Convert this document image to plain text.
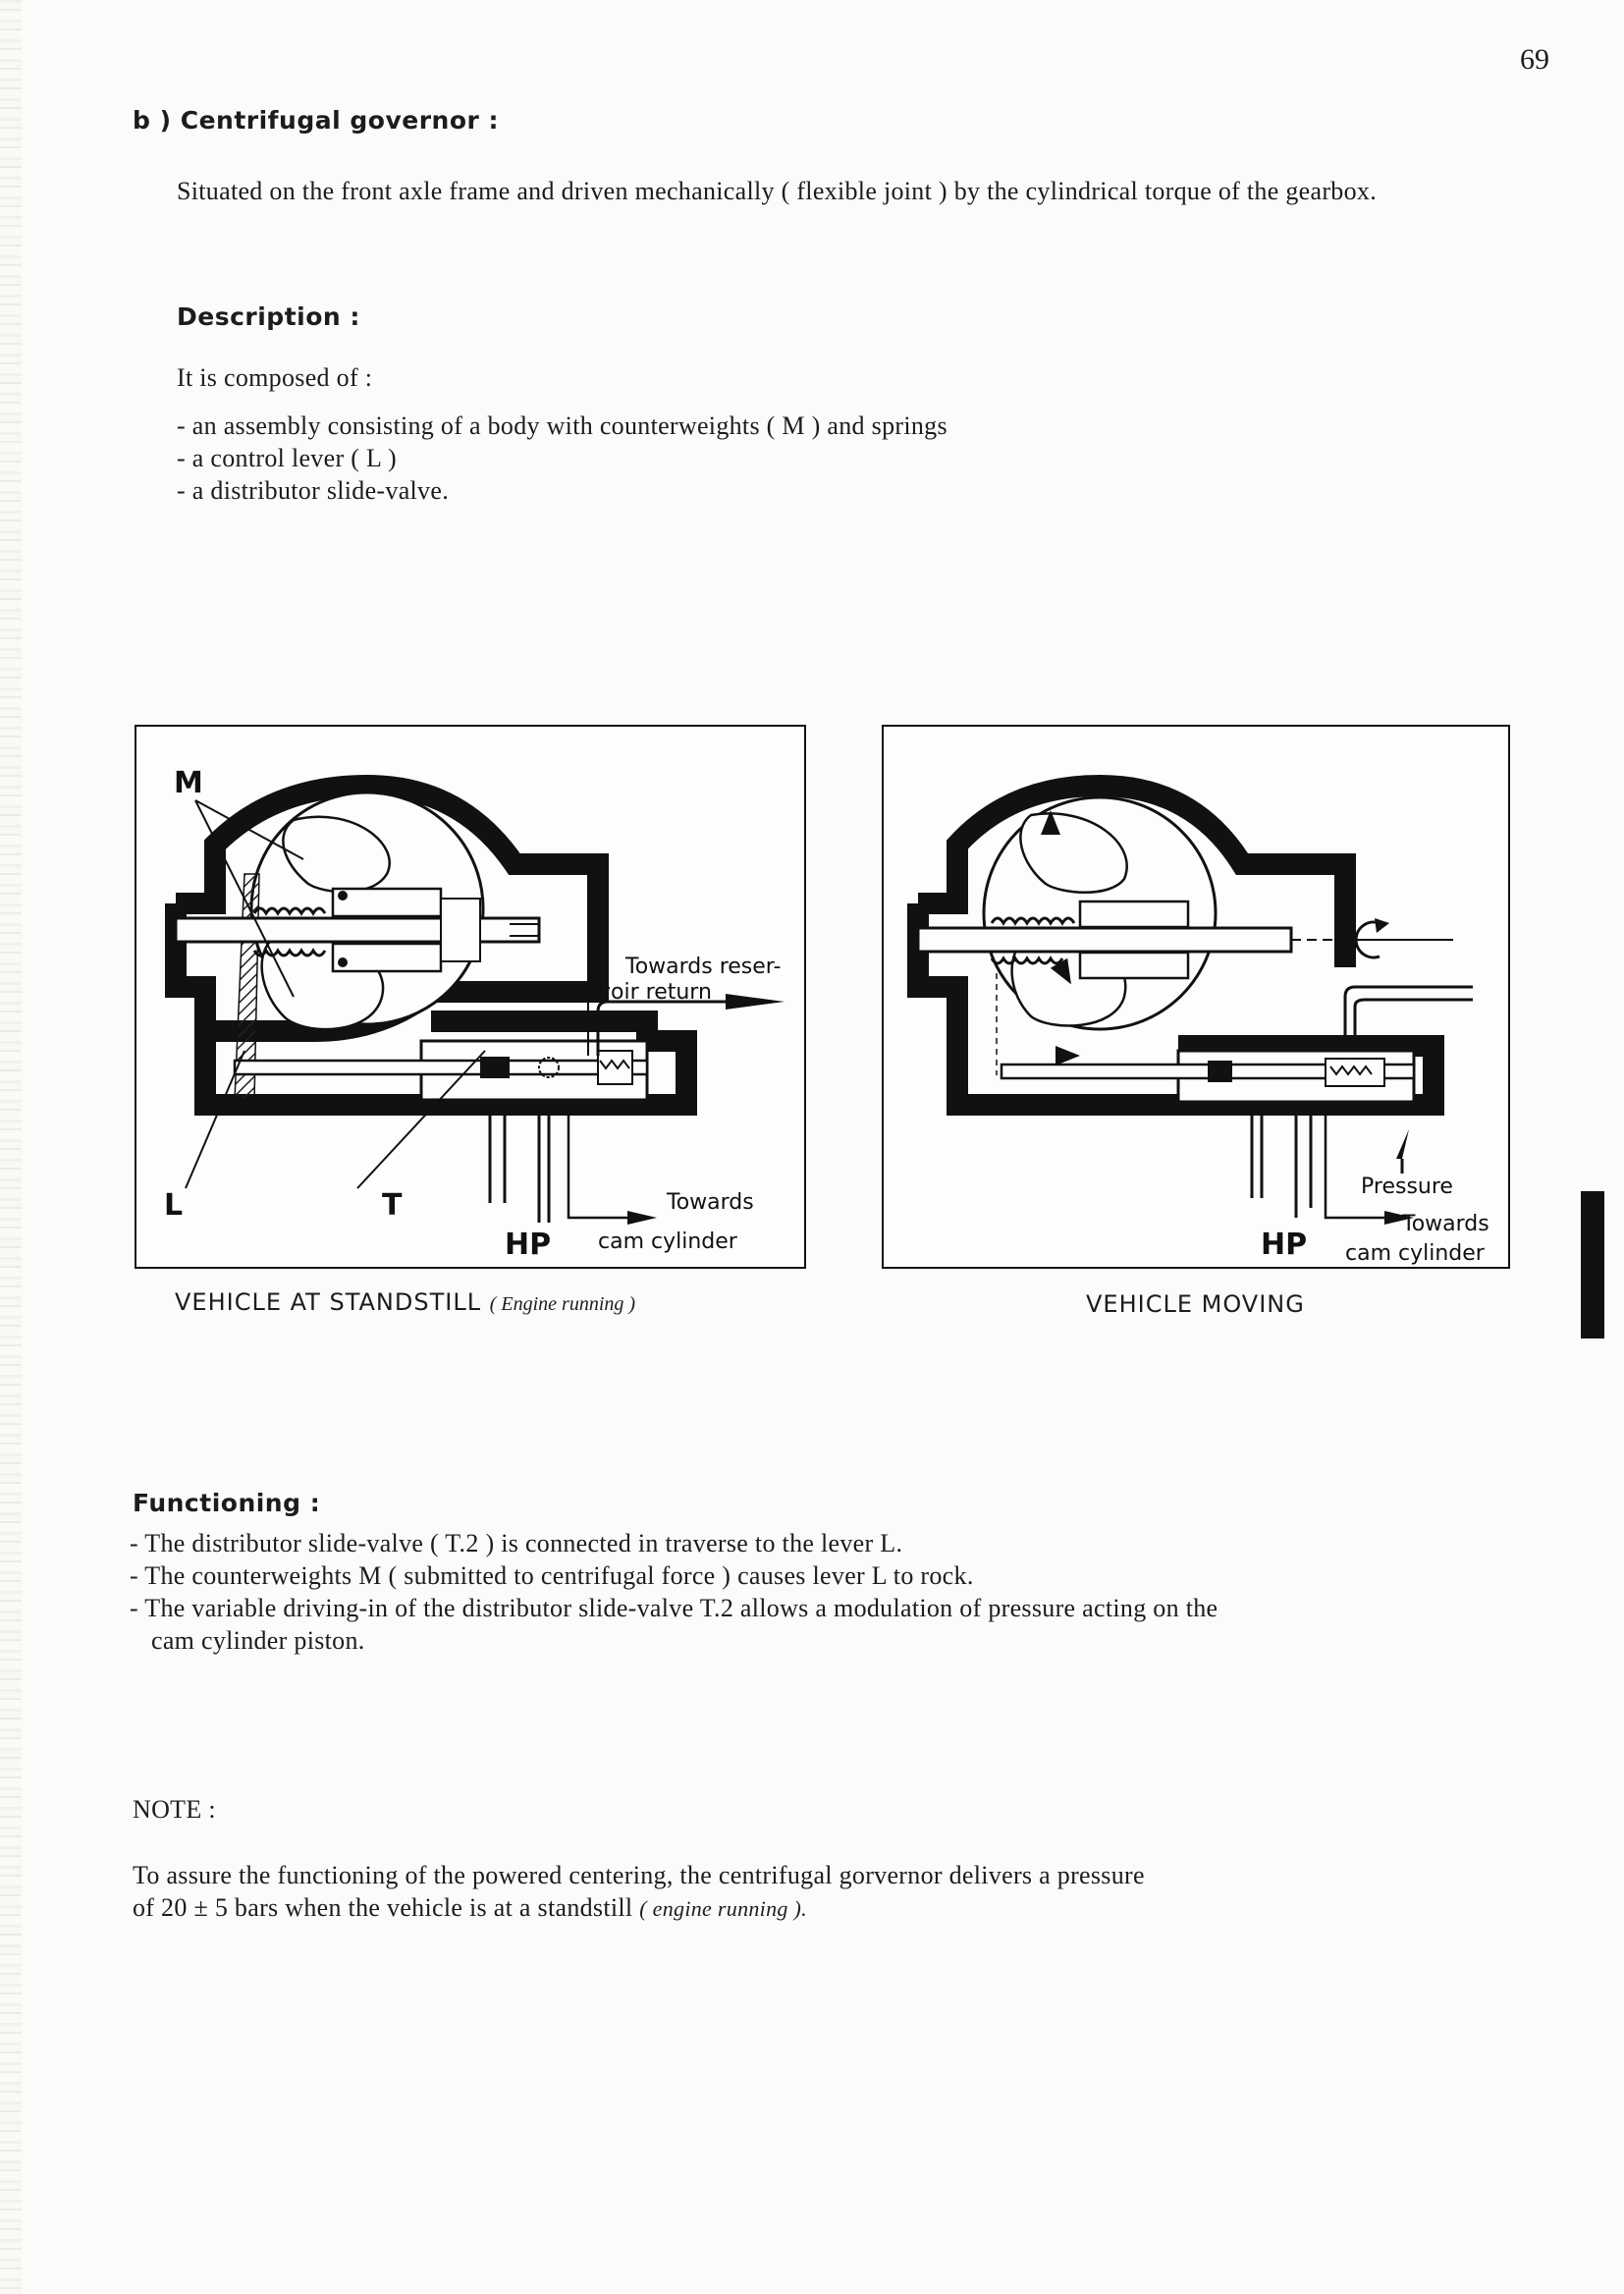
69
b ) Centrifugal governor :
Situated on the front axle frame and driven mechanically ( flexible joint ) by the cylindrical torque of the gearbox.
Description :
It is composed of :
- an assembly consisting of a body with counterweights ( M ) and springs
- a control lever ( L )
- a distributor slide-valve.
M
L	T
HP
Towards reser-
voir return
Towards
cam cylinder
VEHICLE AT STANDSTILL ( Engine running )
Pressure
Towards
HP cam cylinder
VEHICLE MOVING
Functioning :
- The distributor slide-valve ( T.2 ) is connected in traverse to the lever L.
- The counterweights M ( submitted to centrifugal force ) causes lever L to rock.
- The variable driving-in of the distributor slide-valve T.2 allows a modulation of pressure acting on the
cam cylinder piston.
NOTE :
To assure the functioning of the powered centering, the centrifugal gorvernor delivers a pressure
of 20 ± 5 bars when the vehicle is at a standstill ( engine running ).
